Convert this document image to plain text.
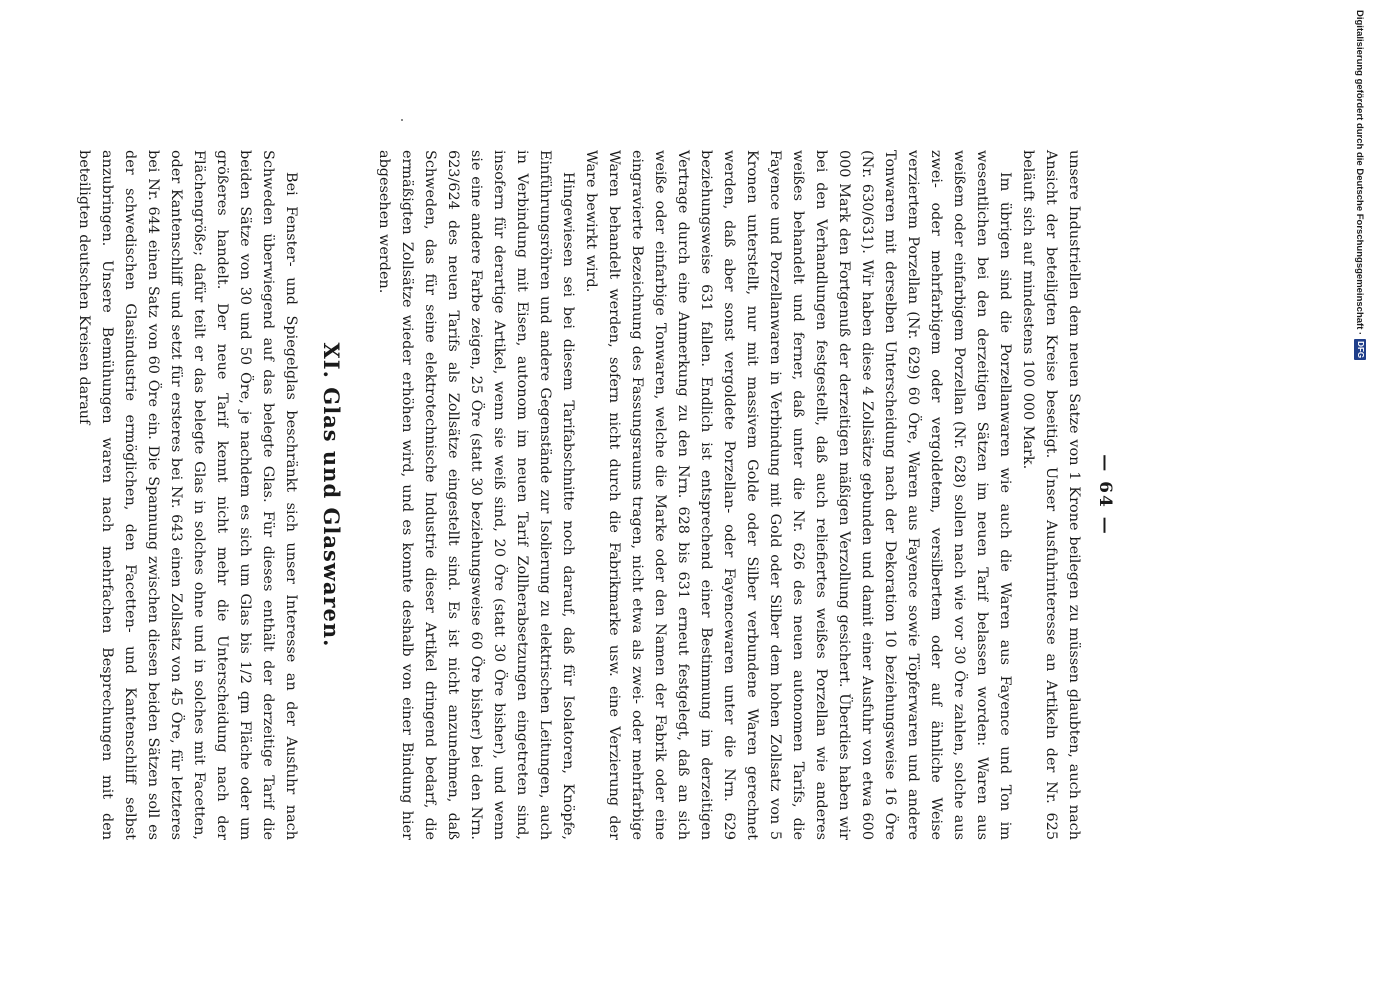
— 64 —

unsere Industriellen dem neuen Satze von 1 Krone beilegen zu müssen glaubten, auch nach Ansicht der beteiligten Kreise beseitigt. Unser Ausfuhrinteresse an Artikeln der Nr. 625 beläuft sich auf mindestens 100 000 Mark.

Im übrigen sind die Porzellanwaren wie auch die Waren aus Fayence und Ton im wesentlichen bei den derzeitigen Sätzen im neuen Tarif belassen worden: Waren aus weißem oder einfarbigem Porzellan (Nr. 628) sollen nach wie vor 30 Öre zahlen, solche aus zwei- oder mehrfarbigem oder vergoldetem, versilbertem oder auf ähnliche Weise verziertem Porzellan (Nr. 629) 60 Öre, Waren aus Fayence sowie Töpferwaren und andere Tonwaren mit derselben Unterscheidung nach der Dekoration 10 beziehungsweise 16 Öre (Nr. 630/631). Wir haben diese 4 Zollsätze gebunden und damit einer Ausfuhr von etwa 600 000 Mark den Fortgenuß der derzeitigen mäßigen Verzollung gesichert. Überdies haben wir bei den Verhandlungen festgestellt, daß auch reliefiertes weißes Porzellan wie anderes weißes behandelt und ferner, daß unter die Nr. 626 des neuen autonomen Tarifs, die Fayence und Porzellanwaren in Verbindung mit Gold oder Silber dem hohen Zollsatz von 5 Kronen unterstellt, nur mit massivem Golde oder Silber verbundene Waren gerechnet werden, daß aber sonst vergoldete Porzellan- oder Fayencewaren unter die Nrn. 629 beziehungsweise 631 fallen. Endlich ist entsprechend einer Bestimmung im derzeitigen Vertrage durch eine Anmerkung zu den Nrn. 628 bis 631 erneut festgelegt, daß an sich weiße oder einfarbige Tonwaren, welche die Marke oder den Namen der Fabrik oder eine eingravierte Bezeichnung des Fassungsraums tragen, nicht etwa als zwei- oder mehrfarbige Waren behandelt werden, sofern nicht durch die Fabrikmarke usw. eine Verzierung der Ware bewirkt wird.

Hingewiesen sei bei diesem Tarifabschnitte noch darauf, daß für Isolatoren, Knöpfe, Einführungsröhren und andere Gegenstände zur Isolierung zu elektrischen Leitungen, auch in Verbindung mit Eisen, autonom im neuen Tarif Zollherabsetzungen eingetreten sind, insofern für derartige Artikel, wenn sie weiß sind, 20 Öre (statt 30 Öre bisher), und wenn sie eine andere Farbe zeigen, 25 Öre (statt 30 beziehungsweise 60 Öre bisher) bei den Nrn. 623/624 des neuen Tarifs als Zollsätze eingestellt sind. Es ist nicht anzunehmen, daß Schweden, das für seine elektrotechnische Industrie dieser Artikel dringend bedarf, die ermäßigten Zollsätze wieder erhöhen wird, und es konnte deshalb von einer Bindung hier abgesehen werden.

XI. Glas und Glaswaren.

Bei Fenster- und Spiegelglas beschränkt sich unser Interesse an der Ausfuhr nach Schweden überwiegend auf das belegte Glas. Für dieses enthält der derzeitige Tarif die beiden Sätze von 30 und 50 Öre, je nachdem es sich um Glas bis 1/2 qm Fläche oder um größeres handelt. Der neue Tarif kennt nicht mehr die Unterscheidung nach der Flächengröße; dafür teilt er das belegte Glas in solches ohne und in solches mit Facetten, oder Kantenschliff und setzt für ersteres bei Nr. 643 einen Zollsatz von 45 Öre, für letzteres bei Nr. 644 einen Satz von 60 Öre ein. Die Spannung zwischen diesen beiden Sätzen soll es der schwedischen Glasindustrie ermöglichen, den Facetten- und Kantenschliff selbst anzubringen. Unsere Bemühungen waren nach mehrfachen Besprechungen mit den beteiligten deutschen Kreisen darauf	Digitalisierung gefördert durch die Deutsche Forschungsgemeinschaft ·
DFG
